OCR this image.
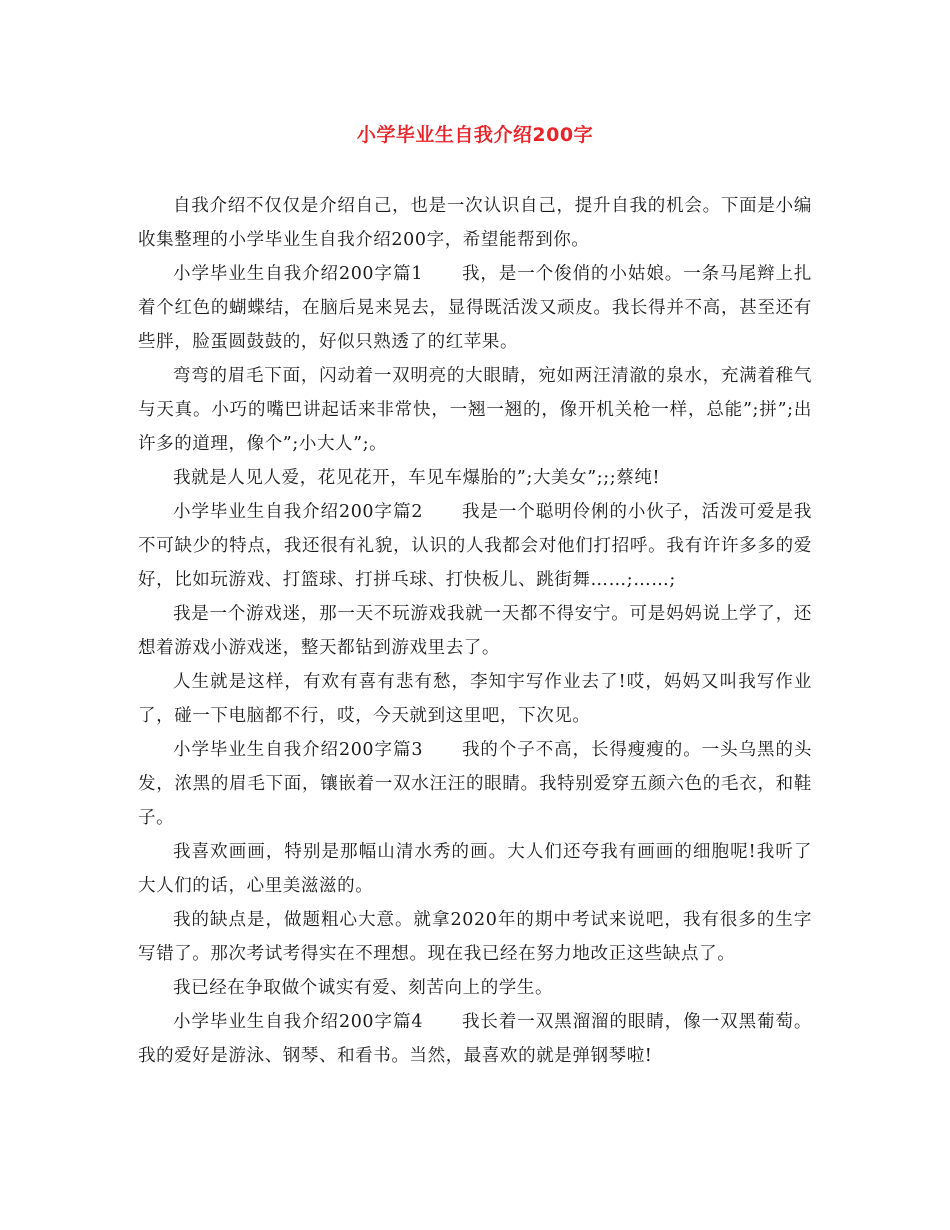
小学毕业生自我介绍200字

自我介绍不仅仅是介绍自己，也是一次认识自己，提升自我的机会。下面是小编收集整理的小学毕业生自我介绍200字，希望能帮到你。

小学毕业生自我介绍200字篇1 我，是一个俊俏的小姑娘。一条马尾辫上扎着个红色的蝴蝶结，在脑后晃来晃去，显得既活泼又顽皮。我长得并不高，甚至还有些胖，脸蛋圆鼓鼓的，好似只熟透了的红苹果。

弯弯的眉毛下面，闪动着一双明亮的大眼睛，宛如两汪清澈的泉水，充满着稚气与天真。小巧的嘴巴讲起话来非常快，一翘一翘的，像开机关枪一样，总能”;拼”;出许多的道理，像个”;小大人”;。

我就是人见人爱，花见花开，车见车爆胎的”;大美女”;;;蔡纯!

小学毕业生自我介绍200字篇2 我是一个聪明伶俐的小伙子，活泼可爱是我不可缺少的特点，我还很有礼貌，认识的人我都会对他们打招呼。我有许许多多的爱好，比如玩游戏、打篮球、打拼乓球、打快板儿、跳街舞……;……;

我是一个游戏迷，那一天不玩游戏我就一天都不得安宁。可是妈妈说上学了，还想着游戏小游戏迷，整天都钻到游戏里去了。

人生就是这样，有欢有喜有悲有愁，李知宇写作业去了!哎，妈妈又叫我写作业了，碰一下电脑都不行，哎，今天就到这里吧，下次见。

小学毕业生自我介绍200字篇3 我的个子不高，长得瘦瘦的。一头乌黑的头发，浓黑的眉毛下面，镶嵌着一双水汪汪的眼睛。我特别爱穿五颜六色的毛衣，和鞋子。

我喜欢画画，特别是那幅山清水秀的画。大人们还夸我有画画的细胞呢!我听了大人们的话，心里美滋滋的。

我的缺点是，做题粗心大意。就拿2020年的期中考试来说吧，我有很多的生字写错了。那次考试考得实在不理想。现在我已经在努力地改正这些缺点了。

我已经在争取做个诚实有爱、刻苦向上的学生。

小学毕业生自我介绍200字篇4 我长着一双黑溜溜的眼睛，像一双黑葡萄。我的爱好是游泳、钢琴、和看书。当然，最喜欢的就是弹钢琴啦!
